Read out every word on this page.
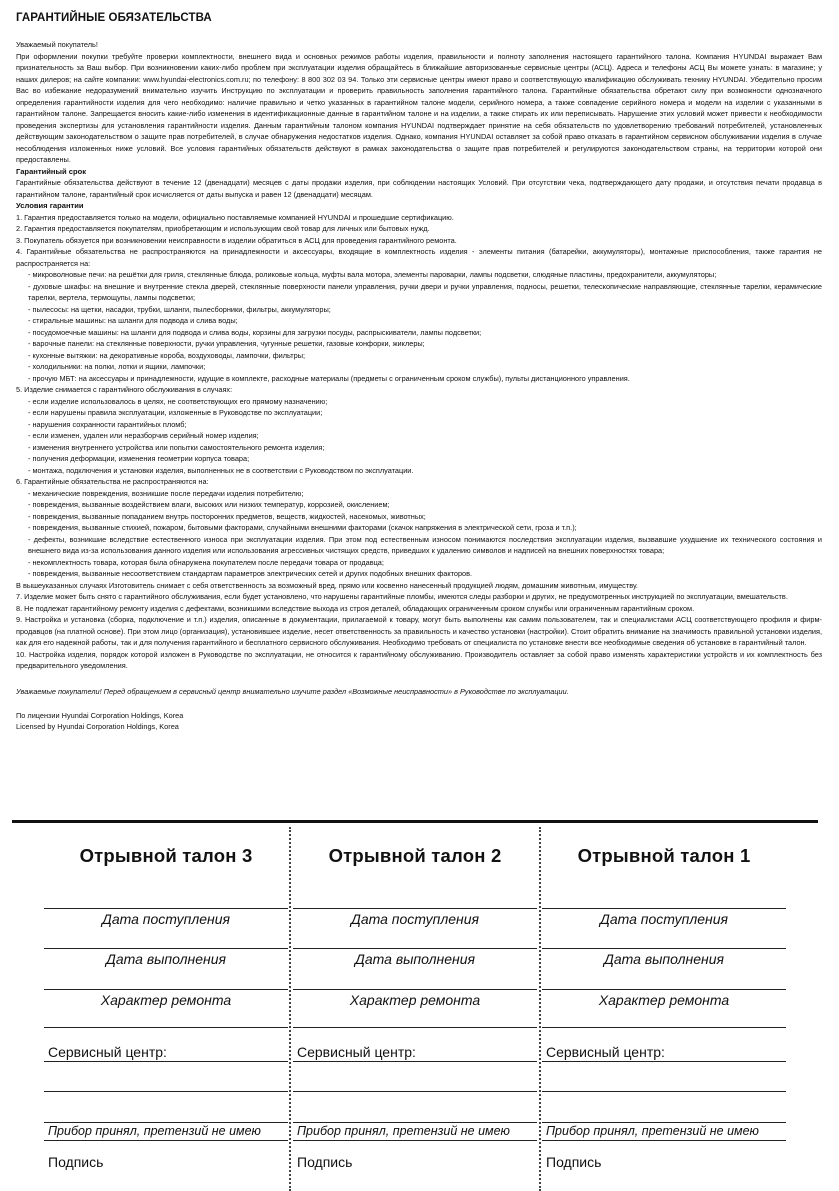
ГАРАНТИЙНЫЕ ОБЯЗАТЕЛЬСТВА

Уважаемый покупатель!

При оформлении покупки требуйте проверки комплектности, внешнего вида и основных режимов работы изделия, правильности и полноту заполнения настоящего гарантийного талона. Компания HYUNDAI выражает Вам признательность за Ваш выбор. При возникновении каких-либо проблем при эксплуатации изделия обращайтесь в ближайшие авторизованные сервисные центры (АСЦ). Адреса и телефоны АСЦ Вы можете узнать: в магазине; у наших дилеров; на сайте компании: www.hyundai-electronics.com.ru; по телефону: 8 800 302 03 94. Только эти сервисные центры имеют право и соответствующую квалификацию обслуживать технику HYUNDAI. Убедительно просим Вас во избежание недоразумений внимательно изучить Инструкцию по эксплуатации и проверить правильность заполнения гарантийного талона. Гарантийные обязательства обретают силу при возможности однозначного определения гарантийности изделия для чего необходимо: наличие правильно и четко указанных в гарантийном талоне модели, серийного номера, а также совпадение серийного номера и модели на изделии с указанными в гарантийном талоне. Запрещается вносить какие-либо изменения в идентификационные данные в гарантийном талоне и на изделии, а также стирать их или переписывать. Нарушение этих условий может привести к необходимости проведения экспертизы для установления гарантийности изделия. Данным гарантийным талоном компания HYUNDAI подтверждает принятие на себя обязательств по удовлетворению требований потребителей, установленных действующим законодательством о защите прав потребителей, в случае обнаружения недостатков изделия. Однако, компания HYUNDAI оставляет за собой право отказать в гарантийном сервисном обслуживании изделия в случае несоблюдения изложенных ниже условий. Все условия гарантийных обязательств действуют в рамках законодательства о защите прав потребителей и регулируются законодательством страны, на территории которой они предоставлены.

Гарантийный срок

Гарантийные обязательства действуют в течение 12 (двенадцати) месяцев с даты продажи изделия, при соблюдении настоящих Условий. При отсутствии чека, подтверждающего дату продажи, и отсутствия печати продавца в гарантийном талоне, гарантийный срок исчисляется от даты выпуска и равен 12 (двенадцати) месяцам.

Условия гарантии

1. Гарантия предоставляется только на модели, официально поставляемые компанией HYUNDAI и прошедшие сертификацию.

2. Гарантия предоставляется покупателям, приобретающим и использующим свой товар для личных или бытовых нужд.

3. Покупатель обязуется при возникновении неисправности в изделии обратиться в АСЦ для проведения гарантийного ремонта.

4. Гарантийные обязательства не распространяются на принадлежности и аксессуары, входящие в комплектность изделия - элементы питания (батарейки, аккумуляторы), монтажные приспособления, также гарантия не распространяется на:

- микроволновые печи: на решётки для гриля, стеклянные блюда, роликовые кольца, муфты вала мотора, элементы пароварки, лампы подсветки, слюдяные пластины, предохранители, аккумуляторы;

- духовые шкафы: на внешние и внутренние стекла дверей, стеклянные поверхности панели управления, ручки двери и ручки управления, подносы, решетки, телескопические направляющие, стеклянные тарелки, керамические тарелки, вертела, термощупы, лампы подсветки;

- пылесосы: на щетки, насадки, трубки, шланги, пылесборники, фильтры, аккумуляторы;

- стиральные машины: на шланги для подвода и слива воды;

- посудомоечные машины: на шланги для подвода и слива воды, корзины для загрузки посуды, распрыскиватели, лампы подсветки;

- варочные панели: на стеклянные поверхности, ручки управления, чугунные решетки, газовые конфорки, жиклеры;

- кухонные вытяжки: на декоративные короба, воздуховоды, лампочки, фильтры;

- холодильники: на полки, лотки и ящики, лампочки;

- прочую МБТ: на аксессуары и принадлежности, идущие в комплекте, расходные материалы (предметы с ограниченным сроком службы), пульты дистанционного управления.

5. Изделие снимается с гарантийного обслуживания в случаях:

- если изделие использовалось в целях, не соответствующих его прямому назначению;

- если нарушены правила эксплуатации, изложенные в Руководстве по эксплуатации;

- нарушения сохранности гарантийных пломб;

- если изменен, удален или неразборчив серийный номер изделия;

- изменения внутреннего устройства или попытки самостоятельного ремонта изделия;

- получения деформации, изменения геометрии корпуса товара;

- монтажа, подключения и установки изделия, выполненных не в соответствии с Руководством по эксплуатации.

6. Гарантийные обязательства не распространяются на:

- механические повреждения, возникшие после передачи изделия потребителю;

- повреждения, вызванные воздействием влаги, высоких или низких температур, коррозией, окислением;

- повреждения, вызванные попаданием внутрь посторонних предметов, веществ, жидкостей, насекомых, животных;

- повреждения, вызванные стихией, пожаром, бытовыми факторами, случайными внешними факторами (скачок напряжения в электрической сети, гроза и т.п.);

- дефекты, возникшие вследствие естественного износа при эксплуатации изделия. При этом под естественным износом понимаются последствия эксплуатации изделия, вызвавшие ухудшение их технического состояния и внешнего вида из-за использования данного изделия или использования агрессивных чистящих средств, приведших к удалению символов и надписей на внешних поверхностях товара;

- некомплектность товара, которая была обнаружена покупателем после передачи товара от продавца;

- повреждения, вызванные несоответствием стандартам параметров электрических сетей и других подобных внешних факторов.

В вышеуказанных случаях Изготовитель снимает с себя ответственность за возможный вред, прямо или косвенно нанесенный продукцией людям, домашним животным, имуществу.

7. Изделие может быть снято с гарантийного обслуживания, если будет установлено, что нарушены гарантийные пломбы, имеются следы разборки и других, не предусмотренных инструкцией по эксплуатации, вмешательств.

8. Не подлежат гарантийному ремонту изделия с дефектами, возникшими вследствие выхода из строя деталей, обладающих ограниченным сроком службы или ограниченным гарантийным сроком.

9. Настройка и установка (сборка, подключение и т.п.) изделия, описанные в документации, прилагаемой к товару, могут быть выполнены как самим пользователем, так и специалистами АСЦ соответствующего профиля и фирм-продавцов (на платной основе). При этом лицо (организация), установившее изделие, несет ответственность за правильность и качество установки (настройки). Стоит обратить внимание на значимость правильной установки изделия, как для его надежной работы, так и для получения гарантийного и бесплатного сервисного обслуживания. Необходимо требовать от специалиста по установке внести все необходимые сведения об установке в гарантийный талон.

10. Настройка изделия, порядок которой изложен в Руководстве по эксплуатации, не относится к гарантийному обслуживанию. Производитель оставляет за собой право изменять характеристики устройств и их комплектность без предварительного уведомления.

Уважаемые покупатели! Перед обращением в сервисный центр внимательно изучите раздел «Возможные неисправности» в Руководстве по эксплуатации.
По лицензии Hyundai Corporation Holdings, Korea
Licensed by Hyundai Corporation Holdings, Korea
Отрывной талон 3
Дата поступления
Дата выполнения
Характер ремонта
Сервисный центр:
Прибор принял, претензий не имею
Подпись
Отрывной талон 2
Дата поступления
Дата выполнения
Характер ремонта
Сервисный центр:
Прибор принял, претензий не имею
Подпись
Отрывной талон 1
Дата поступления
Дата выполнения
Характер ремонта
Сервисный центр:
Прибор принял, претензий не имею
Подпись
